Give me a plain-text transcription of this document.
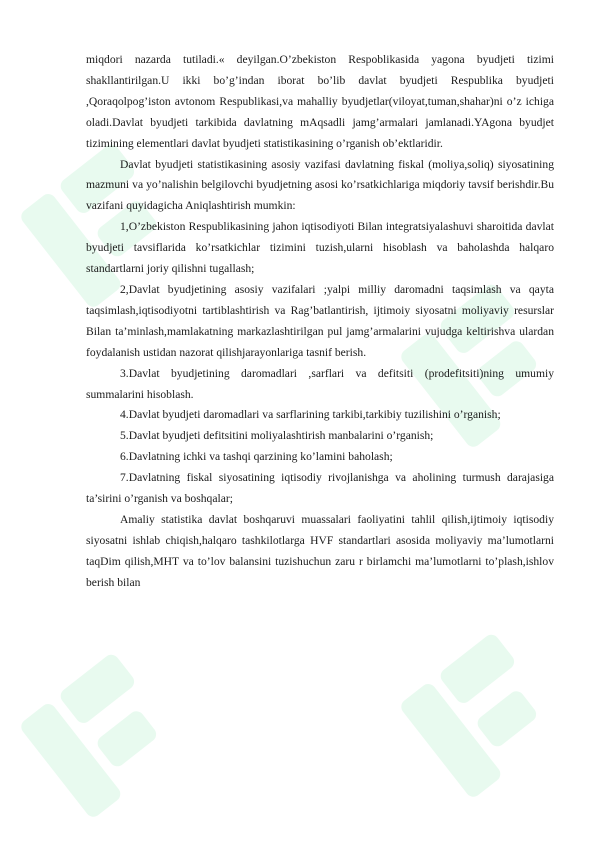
miqdori nazarda tutiladi.« deyilgan.O’zbekiston Respoblikasida yagona byudjeti tizimi shakllantirilgan.U ikki bo’g’indan iborat bo’lib davlat byudjeti Respublika byudjeti ,Qoraqolpog’iston avtonom Respublikasi,va mahalliy byudjetlar(viloyat,tuman,shahar)ni o’z ichiga oladi.Davlat byudjeti tarkibida davlatning mAqsadli jamg’armalari jamlanadi.YAgona byudjet tizimining elementlari davlat byudjeti statistikasining o’rganish ob’ektlaridir.

Davlat byudjeti statistikasining asosiy vazifasi davlatning fiskal (moliya,soliq) siyosatining mazmuni va yo’nalishin belgilovchi byudjetning asosi ko’rsatkichlariga miqdoriy tavsif berishdir.Bu vazifani quyidagicha Aniqlashtirish mumkin:

1,O’zbekiston Respublikasining jahon iqtisodiyoti Bilan integratsiyalashuvi sharoitida davlat byudjeti tavsiflarida ko’rsatkichlar tizimini tuzish,ularni hisoblash va baholashda halqaro standartlarni joriy qilishni tugallash;

2,Davlat byudjetining asosiy vazifalari ;yalpi milliy daromadni taqsimlash va qayta taqsimlash,iqtisodiyotni tartiblashtirish va Rag’batlantirish, ijtimoiy siyosatni moliyaviy resurslar Bilan ta’minlash,mamlakatning markazlashtirilgan pul jamg’armalarini vujudga keltirishva ulardan foydalanish ustidan nazorat qilishjarayonlariga tasnif berish.

3.Davlat byudjetining daromadlari ,sarflari va defitsiti (prodefitsiti)ning umumiy summalarini hisoblash.

4.Davlat byudjeti daromadlari va sarflarining tarkibi,tarkibiy tuzilishini o’rganish;

5.Davlat byudjeti defitsitini moliyalashtirish manbalarini o’rganish;

6.Davlatning ichki va tashqi qarzining ko’lamini baholash;

7.Davlatning fiskal siyosatining iqtisodiy rivojlanishga va aholining turmush darajasiga ta’sirini o’rganish va boshqalar;

Amaliy statistika davlat boshqaruvi muassalari faoliyatini tahlil qilish,ijtimoiy iqtisodiy siyosatni ishlab chiqish,halqaro tashkilotlarga HVF standartlari asosida moliyaviy ma’lumotlarni taqDim qilish,MHT va to’lov balansini tuzishuchun zaru r birlamchi ma’lumotlarni to’plash,ishlov berish bilan
